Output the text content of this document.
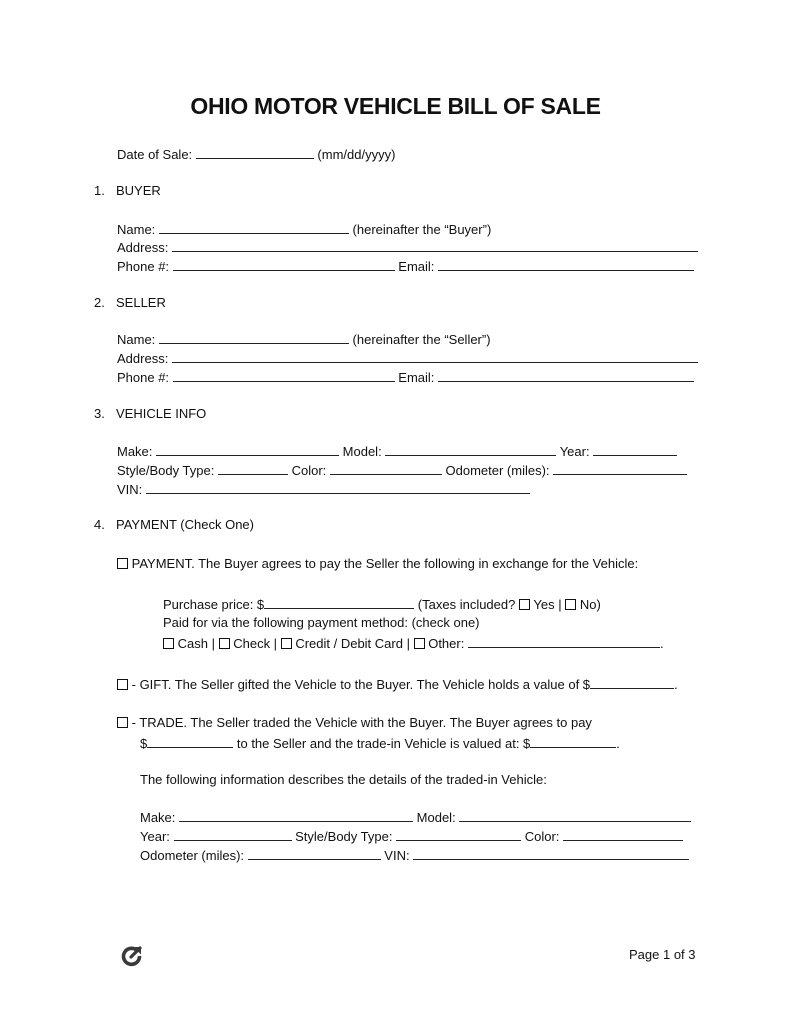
OHIO MOTOR VEHICLE BILL OF SALE
Date of Sale:	(mm/dd/yyyy)
1. BUYER
Name:	(hereinafter the “Buyer”)
Address:
Phone #:	Email:
2. SELLER
Name:	(hereinafter the “Seller”)
Address:
Phone #:	Email:
3. VEHICLE INFO
Make:	Model:	Year:
Style/Body Type:	Color:	Odometer (miles):
VIN:
4. PAYMENT (Check One)
PAYMENT. The Buyer agrees to pay the Seller the following in exchange for the Vehicle:
Purchase price: $	(Taxes included? Yes | No)
Paid for via the following payment method: (check one)
Cash | Check | Credit / Debit Card | Other:	.
- GIFT. The Seller gifted the Vehicle to the Buyer. The Vehicle holds a value of $	.
- TRADE. The Seller traded the Vehicle with the Buyer. The Buyer agrees to pay
$	to the Seller and the trade-in Vehicle is valued at: $	.
The following information describes the details of the traded-in Vehicle:
Make:	Model:
Year:	Style/Body Type:	Color:
Odometer (miles):	VIN:
Page 1 of 3
